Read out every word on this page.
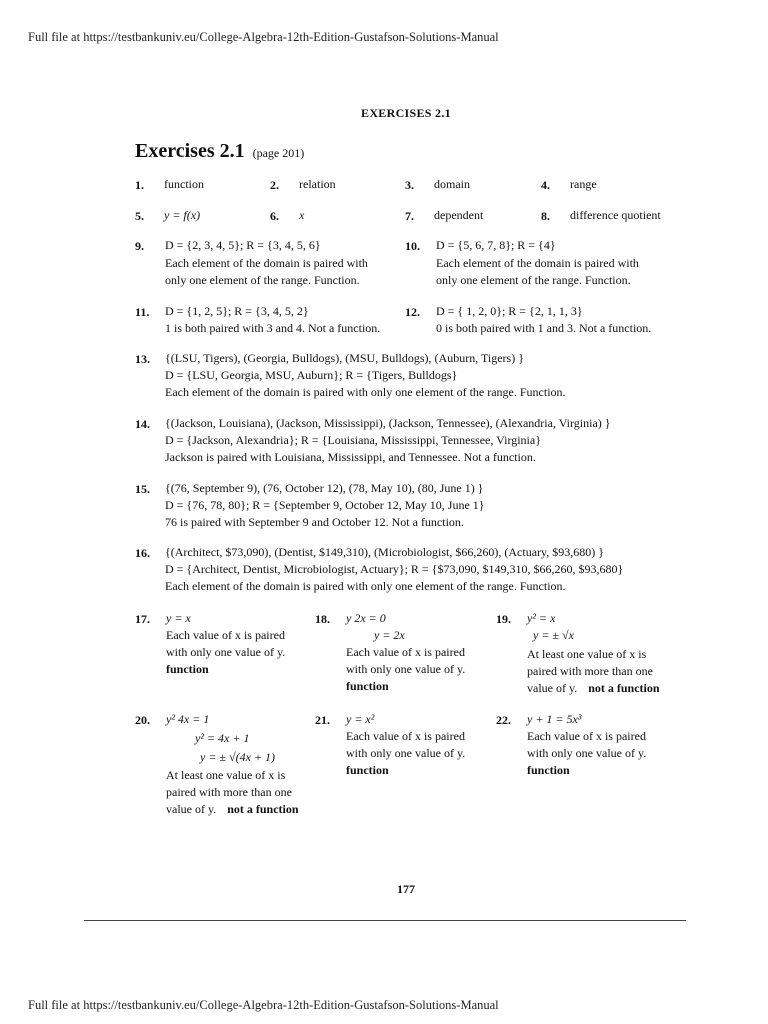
Full file at https://testbankuniv.eu/College-Algebra-12th-Edition-Gustafson-Solutions-Manual
EXERCISES 2.1
Exercises 2.1 (page 201)
1. function	2. relation	3. domain	4. range
5. y = f(x)	6. x	7. dependent	8. difference quotient
9. D = {2, 3, 4, 5}; R = {3, 4, 5, 6}
Each element of the domain is paired with
only one element of the range. Function.
10. D = {5, 6, 7, 8}; R = {4}
Each element of the domain is paired with
only one element of the range. Function.
11. D = {1, 2, 5}; R = {3, 4, 5, 2}
1 is both paired with 3 and 4. Not a function.
12. D = { 1, 2, 0}; R = {2, 1, 1, 3}
0 is both paired with 1 and 3. Not a function.
13. {(LSU, Tigers), (Georgia, Bulldogs), (MSU, Bulldogs), (Auburn, Tigers) }
D = {LSU, Georgia, MSU, Auburn}; R = {Tigers, Bulldogs}
Each element of the domain is paired with only one element of the range. Function.
14. {(Jackson, Louisiana), (Jackson, Mississippi), (Jackson, Tennessee), (Alexandria, Virginia) }
D = {Jackson, Alexandria}; R = {Louisiana, Mississippi, Tennessee, Virginia}
Jackson is paired with Louisiana, Mississippi, and Tennessee. Not a function.
15. {(76, September 9), (76, October 12), (78, May 10), (80, June 1) }
D = {76, 78, 80}; R = {September 9, October 12, May 10, June 1}
76 is paired with September 9 and October 12. Not a function.
16. {(Architect, $73,090), (Dentist, $149,310), (Microbiologist, $66,260), (Actuary, $93,680) }
D = {Architect, Dentist, Microbiologist, Actuary}; R = {$73,090, $149,310, $66,260, $93,680}
Each element of the domain is paired with only one element of the range. Function.
17. y = x
Each value of x is paired
with only one value of y.
function
18. y 2x = 0
y = 2x
Each value of x is paired
with only one value of y.
function
19. y² = x
y = ± √x
At least one value of x is
paired with more than one
value of y. not a function
20. y² 4x = 1
y² = 4x + 1
y = ± √(4x + 1)
At least one value of x is
paired with more than one
value of y. not a function
21. y = x²
Each value of x is paired
with only one value of y.
function
22. y + 1 = 5x³
Each value of x is paired
with only one value of y.
function
177
Full file at https://testbankuniv.eu/College-Algebra-12th-Edition-Gustafson-Solutions-Manual
